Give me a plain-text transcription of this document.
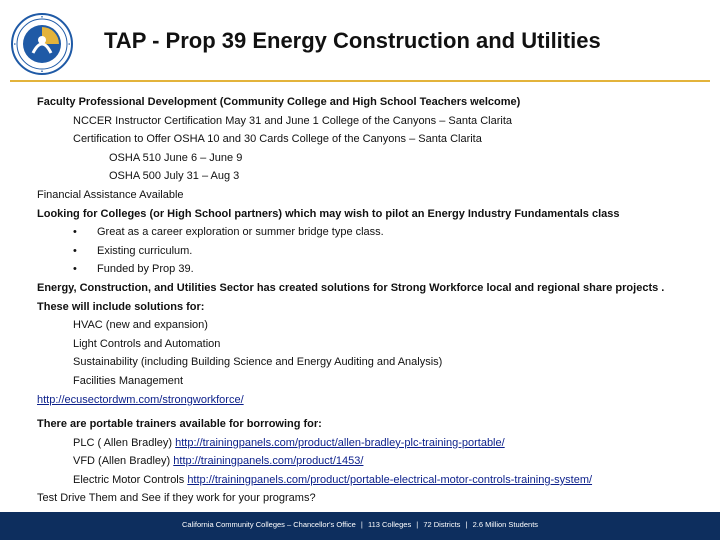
TAP - Prop 39 Energy Construction and Utilities
Faculty Professional Development (Community College and High School Teachers welcome)
NCCER Instructor Certification May 31 and June 1 College of the Canyons – Santa Clarita
Certification to Offer OSHA 10 and 30 Cards College of the Canyons – Santa Clarita
OSHA 510 June 6 – June 9
OSHA 500 July 31 – Aug 3
Financial Assistance Available
Looking for Colleges (or High School partners) which may wish to pilot an Energy Industry Fundamentals class
• Great as a career exploration or summer bridge type class.
• Existing curriculum.
• Funded by Prop 39.
Energy, Construction, and Utilities Sector has created solutions for Strong Workforce local and regional share projects .
These will include solutions for:
HVAC (new and expansion)
Light Controls and Automation
Sustainability (including Building Science and Energy Auditing and Analysis)
Facilities Management
http://ecusectordwm.com/strongworkforce/
There are portable trainers available for borrowing for:
PLC ( Allen Bradley) http://trainingpanels.com/product/allen-bradley-plc-training-portable/
VFD (Allen Bradley) http://trainingpanels.com/product/1453/
Electric Motor Controls http://trainingpanels.com/product/portable-electrical-motor-controls-training-system/
Test Drive Them and See if they work for your programs?
California Community Colleges – Chancellor's Office | 113 Colleges | 72 Districts | 2.6 Million Students
